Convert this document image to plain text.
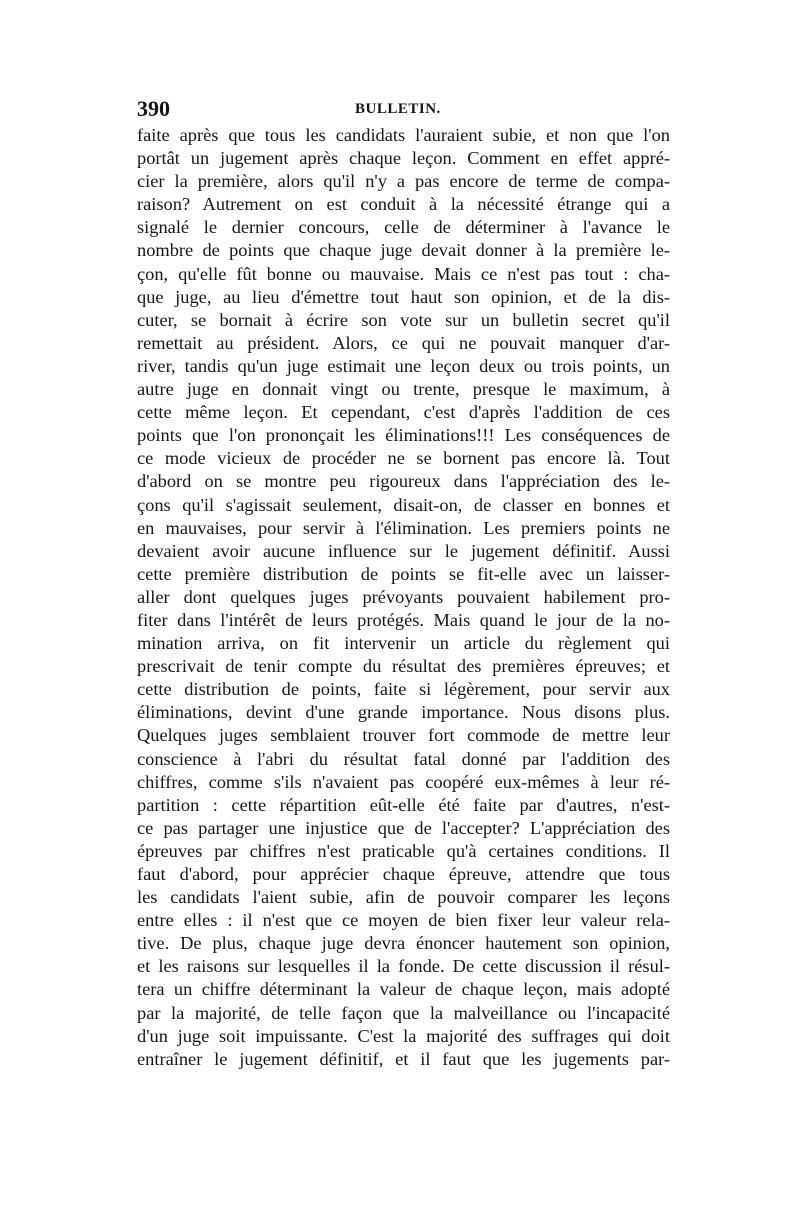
390	BULLETIN.
faite après que tous les candidats l'auraient subie, et non que l'on
portât un jugement après chaque leçon. Comment en effet appré-
cier la première, alors qu'il n'y a pas encore de terme de compa-
raison? Autrement on est conduit à la nécessité étrange qui a
signalé le dernier concours, celle de déterminer à l'avance le
nombre de points que chaque juge devait donner à la première le-
çon, qu'elle fût bonne ou mauvaise. Mais ce n'est pas tout : cha-
que juge, au lieu d'émettre tout haut son opinion, et de la dis-
cuter, se bornait à écrire son vote sur un bulletin secret qu'il
remettait au président. Alors, ce qui ne pouvait manquer d'ar-
river, tandis qu'un juge estimait une leçon deux ou trois points, un
autre juge en donnait vingt ou trente, presque le maximum, à
cette même leçon. Et cependant, c'est d'après l'addition de ces
points que l'on prononçait les éliminations!!! Les conséquences de
ce mode vicieux de procéder ne se bornent pas encore là. Tout
d'abord on se montre peu rigoureux dans l'appréciation des le-
çons qu'il s'agissait seulement, disait-on, de classer en bonnes et
en mauvaises, pour servir à l'élimination. Les premiers points ne
devaient avoir aucune influence sur le jugement définitif. Aussi
cette première distribution de points se fit-elle avec un laisser-
aller dont quelques juges prévoyants pouvaient habilement pro-
fiter dans l'intérêt de leurs protégés. Mais quand le jour de la no-
mination arriva, on fit intervenir un article du règlement qui
prescrivait de tenir compte du résultat des premières épreuves; et
cette distribution de points, faite si légèrement, pour servir aux
éliminations, devint d'une grande importance. Nous disons plus.
Quelques juges semblaient trouver fort commode de mettre leur
conscience à l'abri du résultat fatal donné par l'addition des
chiffres, comme s'ils n'avaient pas coopéré eux-mêmes à leur ré-
partition : cette répartition eût-elle été faite par d'autres, n'est-
ce pas partager une injustice que de l'accepter? L'appréciation des
épreuves par chiffres n'est praticable qu'à certaines conditions. Il
faut d'abord, pour apprécier chaque épreuve, attendre que tous
les candidats l'aient subie, afin de pouvoir comparer les leçons
entre elles : il n'est que ce moyen de bien fixer leur valeur rela-
tive. De plus, chaque juge devra énoncer hautement son opinion,
et les raisons sur lesquelles il la fonde. De cette discussion il résul-
tera un chiffre déterminant la valeur de chaque leçon, mais adopté
par la majorité, de telle façon que la malveillance ou l'incapacité
d'un juge soit impuissante. C'est la majorité des suffrages qui doit
entraîner le jugement définitif, et il faut que les jugements par-
